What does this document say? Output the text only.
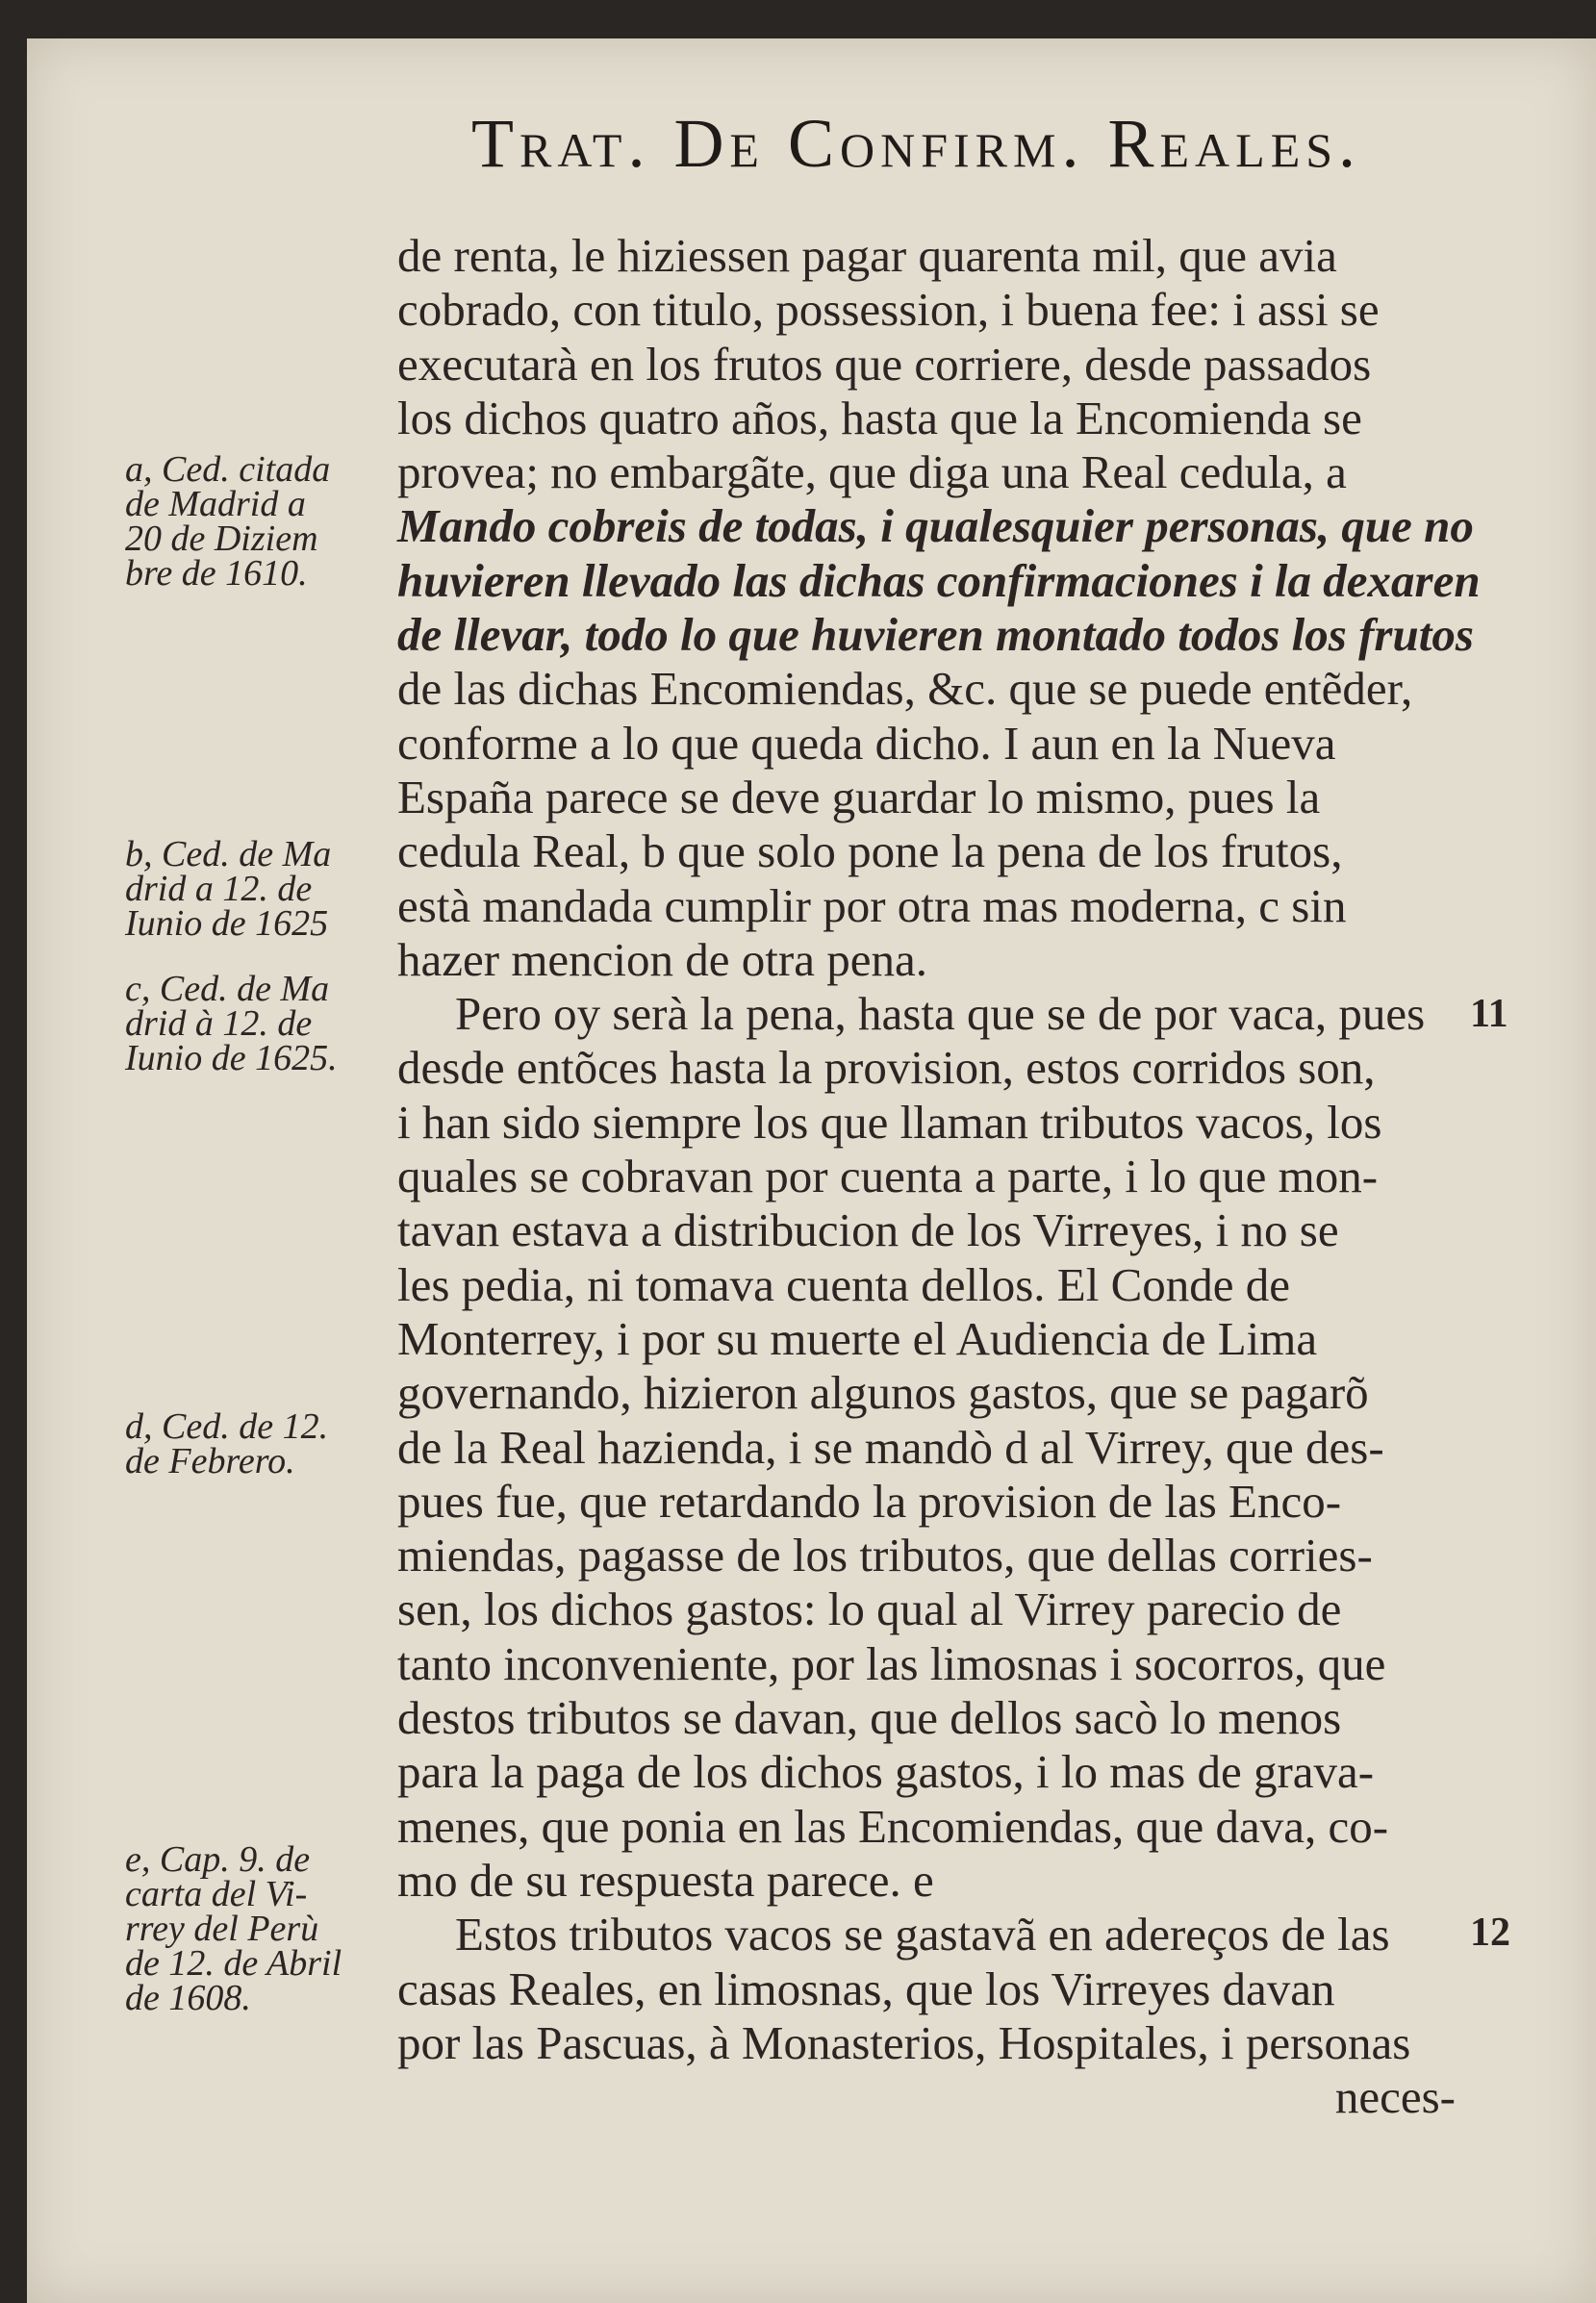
Trat. De Confirm. Reales.
de renta, le hiziessen pagar quarenta mil, que avia
cobrado, con titulo, possession, i buena fee: i assi se
executarà en los frutos que corriere, desde passados
los dichos quatro años, hasta que la Encomienda se
provea; no embargãte, que diga una Real cedula, a
Mando cobreis de todas, i qualesquier personas, que no
huvieren llevado las dichas confirmaciones i la dexaren
de llevar, todo lo que huvieren montado todos los frutos
de las dichas Encomiendas, &c. que se puede entẽder,
conforme a lo que queda dicho. I aun en la Nueva
España parece se deve guardar lo mismo, pues la
cedula Real, b que solo pone la pena de los frutos,
està mandada cumplir por otra mas moderna, c sin
hazer mencion de otra pena.
Pero oy serà la pena, hasta que se de por vaca, pues
desde entõces hasta la provision, estos corridos son,
i han sido siempre los que llaman tributos vacos, los
quales se cobravan por cuenta a parte, i lo que mon-
tavan estava a distribucion de los Virreyes, i no se
les pedia, ni tomava cuenta dellos. El Conde de
Monterrey, i por su muerte el Audiencia de Lima
governando, hizieron algunos gastos, que se pagarõ
de la Real hazienda, i se mandò d al Virrey, que des-
pues fue, que retardando la provision de las Enco-
miendas, pagasse de los tributos, que dellas corries-
sen, los dichos gastos: lo qual al Virrey parecio de
tanto inconveniente, por las limosnas i socorros, que
destos tributos se davan, que dellos sacò lo menos
para la paga de los dichos gastos, i lo mas de grava-
menes, que ponia en las Encomiendas, que dava, co-
mo de su respuesta parece. e
Estos tributos vacos se gastavã en adereços de las
casas Reales, en limosnas, que los Virreyes davan
por las Pascuas, à Monasterios, Hospitales, i personas
neces-
a, Ced. citada
de Madrid a
20 de Diziem
bre de 1610.
b, Ced. de Ma
drid a 12. de
Iunio de 1625
c, Ced. de Ma
drid à 12. de
Iunio de 1625.
d, Ced. de 12.
de Febrero.
e, Cap. 9. de
carta del Vi-
rrey del Perù
de 12. de Abril
de 1608.
11
12
